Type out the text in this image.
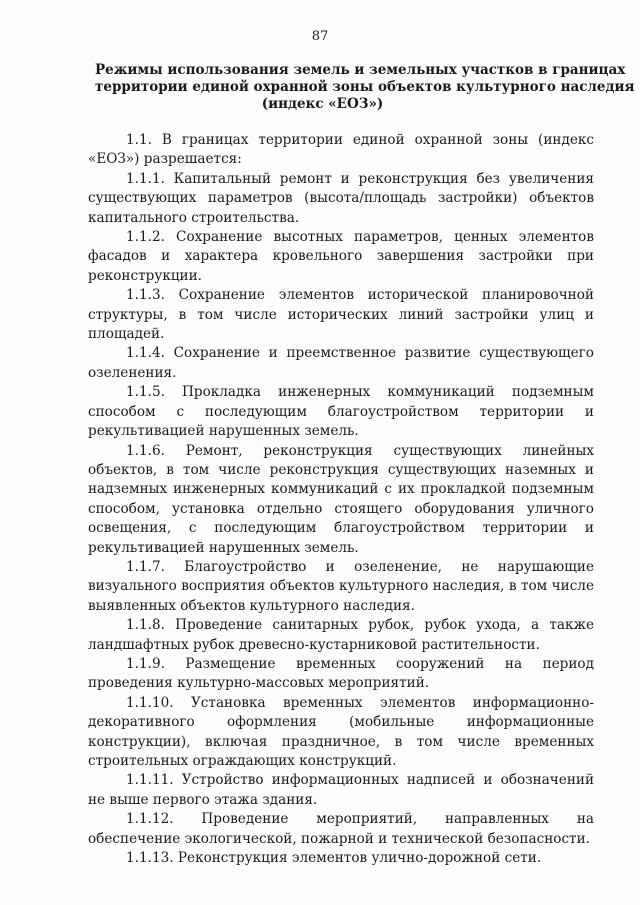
87
Режимы использования земель и земельных участков в границах
территории единой охранной зоны объектов культурного наследия
(индекс «ЕОЗ»)

1.1. В границах территории единой охранной зоны (индекс «ЕОЗ») разрешается:

1.1.1. Капитальный ремонт и реконструкция без увеличения существующих параметров (высота/площадь застройки) объектов капитального строительства.

1.1.2. Сохранение высотных параметров, ценных элементов фасадов и характера кровельного завершения застройки при реконструкции.

1.1.3. Сохранение элементов исторической планировочной структуры, в том числе исторических линий застройки улиц и площадей.

1.1.4. Сохранение и преемственное развитие существующего озеленения.

1.1.5. Прокладка инженерных коммуникаций подземным способом с последующим благоустройством территории и рекультивацией нарушенных земель.

1.1.6. Ремонт, реконструкция существующих линейных объектов, в том числе реконструкция существующих наземных и надземных инженерных коммуникаций с их прокладкой подземным способом, установка отдельно стоящего оборудования уличного освещения, с последующим благоустройством территории и рекультивацией нарушенных земель.

1.1.7. Благоустройство и озеленение, не нарушающие визуального восприятия объектов культурного наследия, в том числе выявленных объектов культурного наследия.

1.1.8. Проведение санитарных рубок, рубок ухода, а также ландшафтных рубок древесно-кустарниковой растительности.

1.1.9. Размещение временных сооружений на период проведения культурно-массовых мероприятий.

1.1.10. Установка временных элементов информационно-декоративного оформления (мобильные информационные конструкции), включая праздничное, в том числе временных строительных ограждающих конструкций.

1.1.11. Устройство информационных надписей и обозначений не выше первого этажа здания.

1.1.12. Проведение мероприятий, направленных на обеспечение экологической, пожарной и технической безопасности.

1.1.13. Реконструкция элементов улично-дорожной сети.
